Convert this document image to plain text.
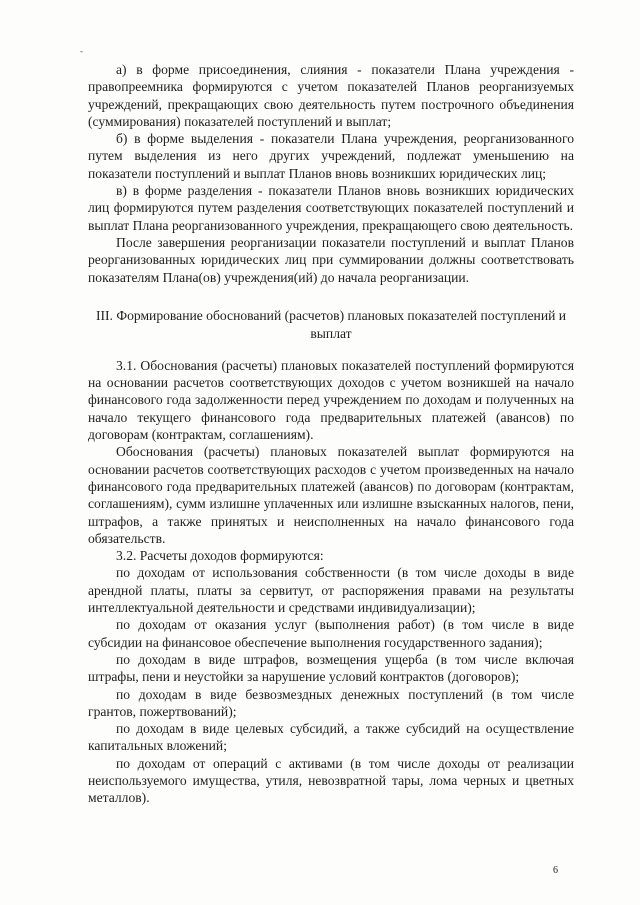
-

а) в форме присоединения, слияния - показатели Плана учреждения - правопреемника формируются с учетом показателей Планов реорганизуемых учреждений, прекращающих свою деятельность путем построчного объединения (суммирования) показателей поступлений и выплат;

б) в форме выделения - показатели Плана учреждения, реорганизованного путем выделения из него других учреждений, подлежат уменьшению на показатели поступлений и выплат Планов вновь возникших юридических лиц;

в) в форме разделения - показатели Планов вновь возникших юридических лиц формируются путем разделения соответствующих показателей поступлений и выплат Плана реорганизованного учреждения, прекращающего свою деятельность.

После завершения реорганизации показатели поступлений и выплат Планов реорганизованных юридических лиц при суммировании должны соответствовать показателям Плана(ов) учреждения(ий) до начала реорганизации.

III. Формирование обоснований (расчетов) плановых показателей поступлений и выплат

3.1. Обоснования (расчеты) плановых показателей поступлений формируются на основании расчетов соответствующих доходов с учетом возникшей на начало финансового года задолженности перед учреждением по доходам и полученных на начало текущего финансового года предварительных платежей (авансов) по договорам (контрактам, соглашениям).

Обоснования (расчеты) плановых показателей выплат формируются на основании расчетов соответствующих расходов с учетом произведенных на начало финансового года предварительных платежей (авансов) по договорам (контрактам, соглашениям), сумм излишне уплаченных или излишне взысканных налогов, пени, штрафов, а также принятых и неисполненных на начало финансового года обязательств.

3.2. Расчеты доходов формируются:

по доходам от использования собственности (в том числе доходы в виде арендной платы, платы за сервитут, от распоряжения правами на результаты интеллектуальной деятельности и средствами индивидуализации);

по доходам от оказания услуг (выполнения работ) (в том числе в виде субсидии на финансовое обеспечение выполнения государственного задания);

по доходам в виде штрафов, возмещения ущерба (в том числе включая штрафы, пени и неустойки за нарушение условий контрактов (договоров);

по доходам в виде безвозмездных денежных поступлений (в том числе грантов, пожертвований);

по доходам в виде целевых субсидий, а также субсидий на осуществление капитальных вложений;

по доходам от операций с активами (в том числе доходы от реализации неиспользуемого имущества, утиля, невозвратной тары, лома черных и цветных металлов).

6
